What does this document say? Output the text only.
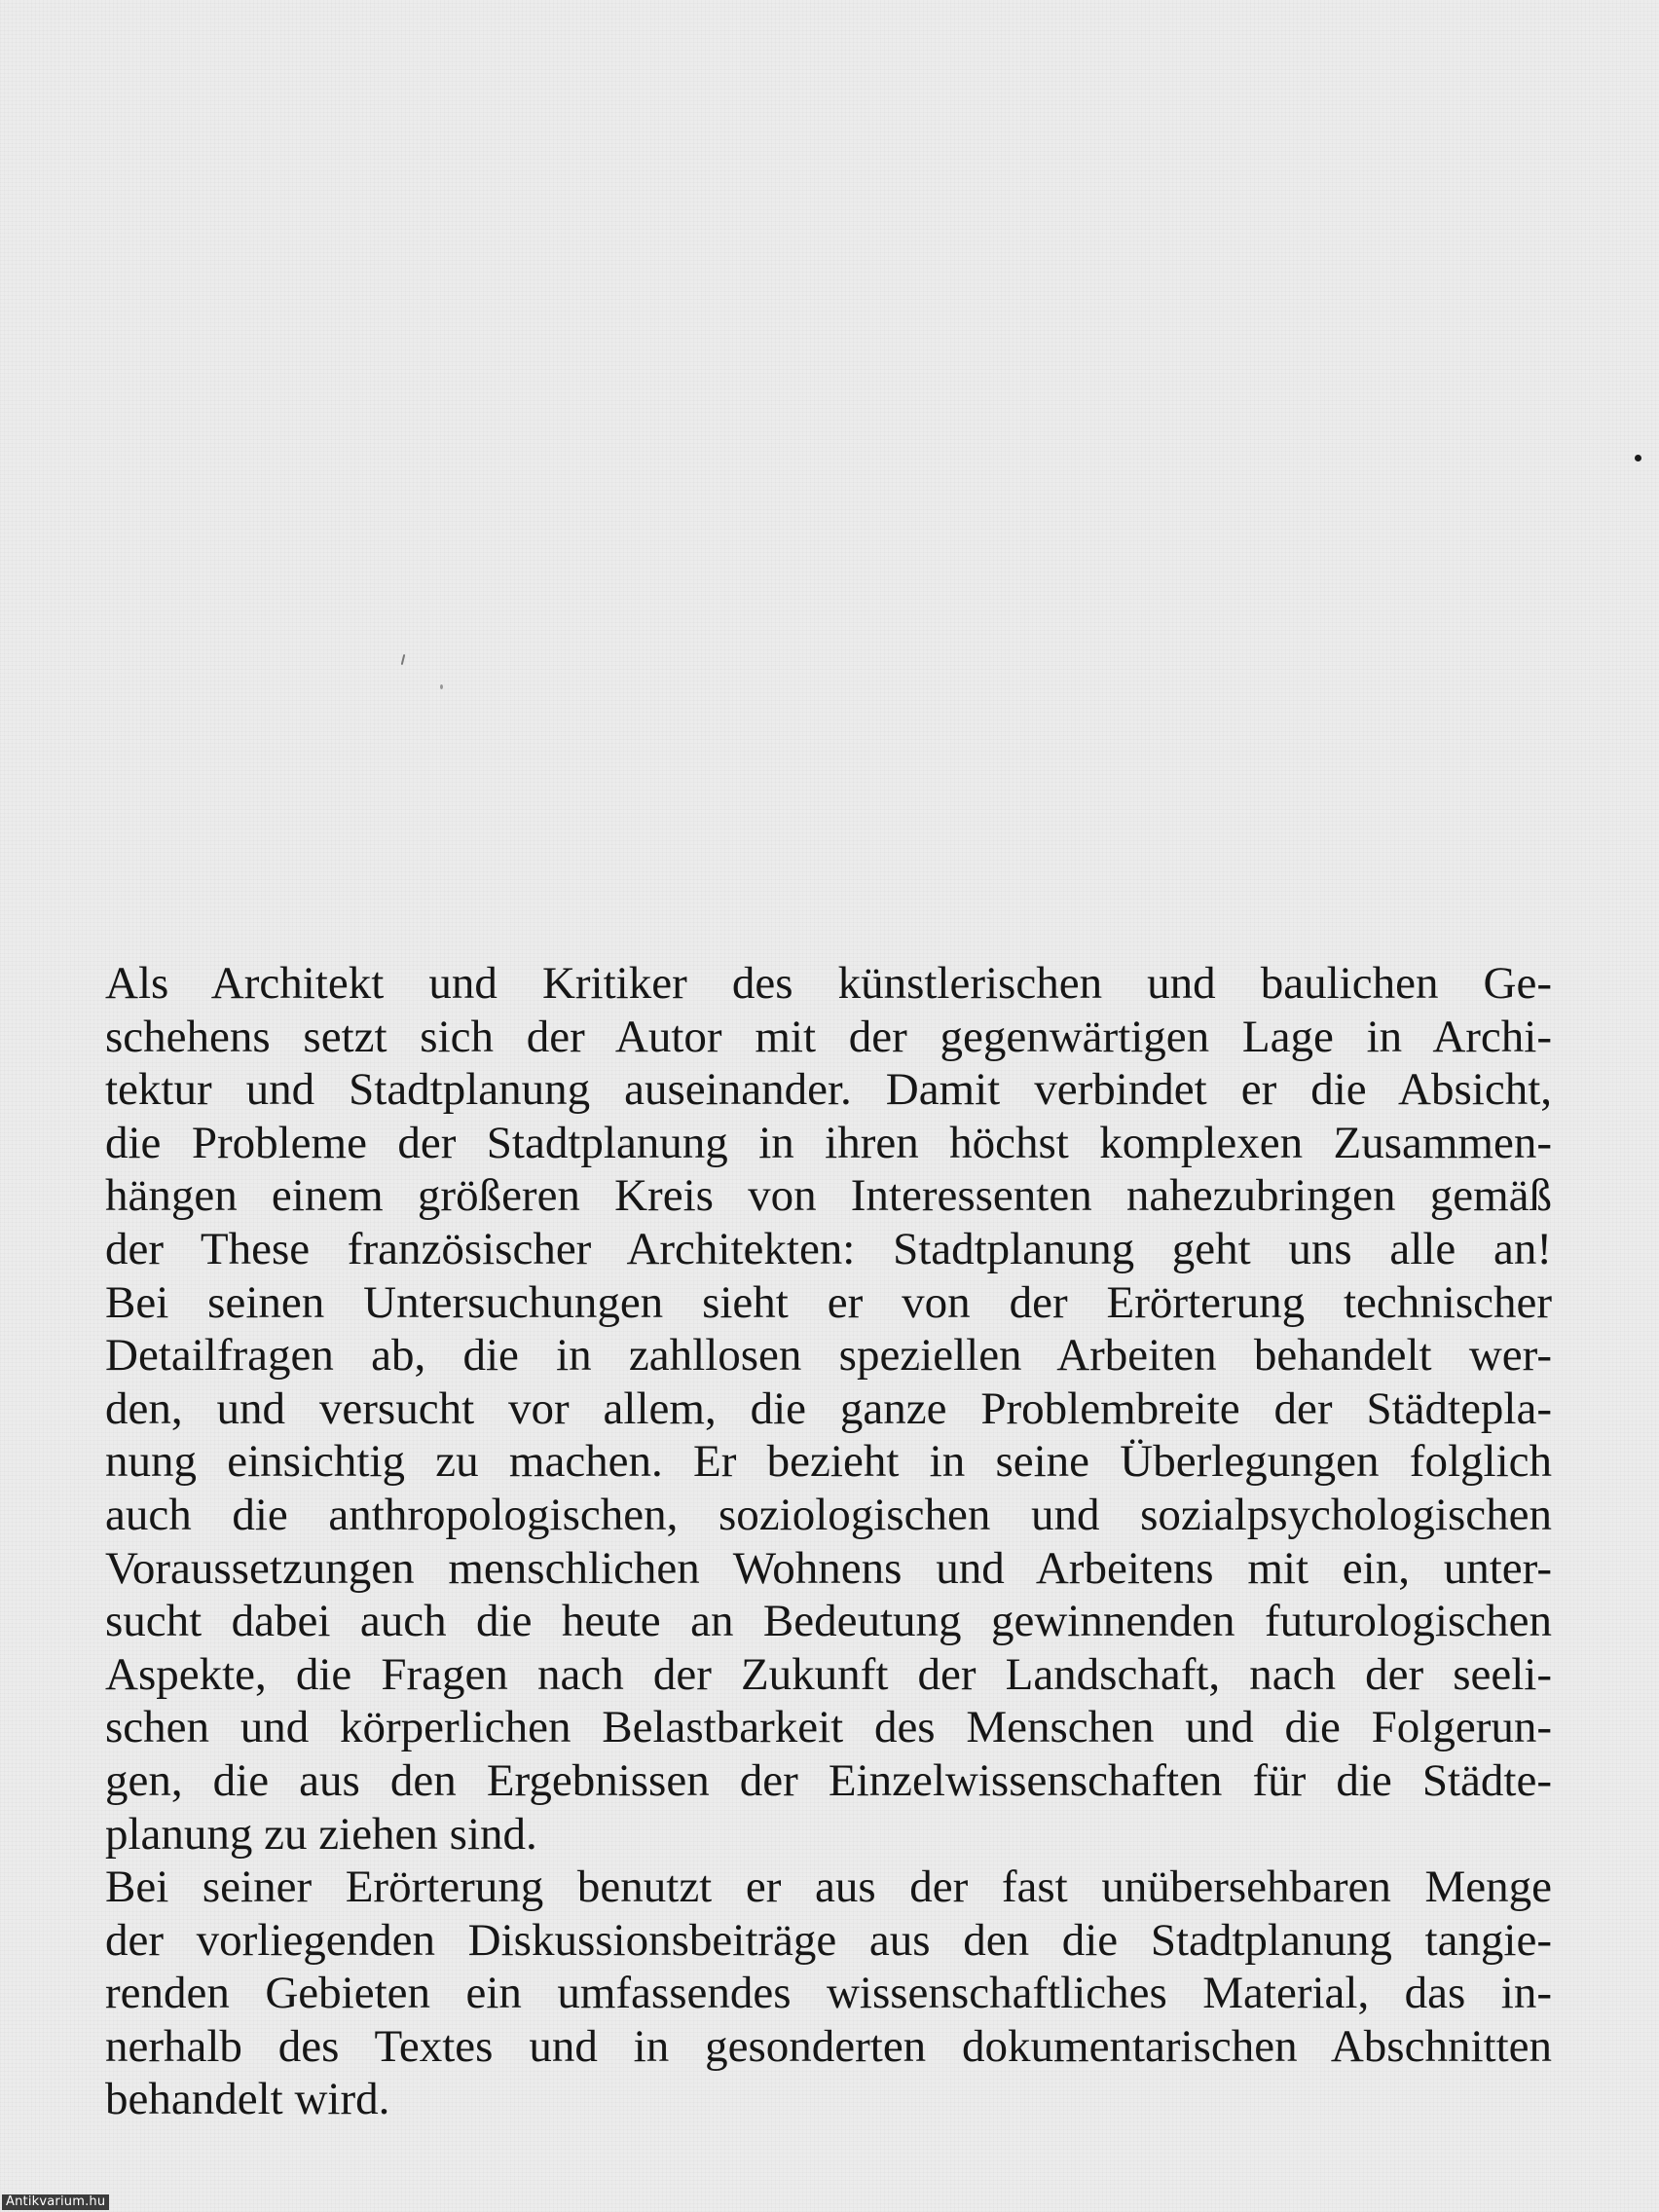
Als Architekt und Kritiker des künstlerischen und baulichen Ge-
schehens setzt sich der Autor mit der gegenwärtigen Lage in Archi-
tektur und Stadtplanung auseinander. Damit verbindet er die Absicht,
die Probleme der Stadtplanung in ihren höchst komplexen Zusammen-
hängen einem größeren Kreis von Interessenten nahezubringen gemäß
der These französischer Architekten: Stadtplanung geht uns alle an!
Bei seinen Untersuchungen sieht er von der Erörterung technischer
Detailfragen ab, die in zahllosen speziellen Arbeiten behandelt wer-
den, und versucht vor allem, die ganze Problembreite der Städtepla-
nung einsichtig zu machen. Er bezieht in seine Überlegungen folglich
auch die anthropologischen, soziologischen und sozialpsychologischen
Voraussetzungen menschlichen Wohnens und Arbeitens mit ein, unter-
sucht dabei auch die heute an Bedeutung gewinnenden futurologischen
Aspekte, die Fragen nach der Zukunft der Landschaft, nach der seeli-
schen und körperlichen Belastbarkeit des Menschen und die Folgerun-
gen, die aus den Ergebnissen der Einzelwissenschaften für die Städte-
planung zu ziehen sind.
Bei seiner Erörterung benutzt er aus der fast unübersehbaren Menge
der vorliegenden Diskussionsbeiträge aus den die Stadtplanung tangie-
renden Gebieten ein umfassendes wissenschaftliches Material, das in-
nerhalb des Textes und in gesonderten dokumentarischen Abschnitten
behandelt wird.
Antikvarium.hu
